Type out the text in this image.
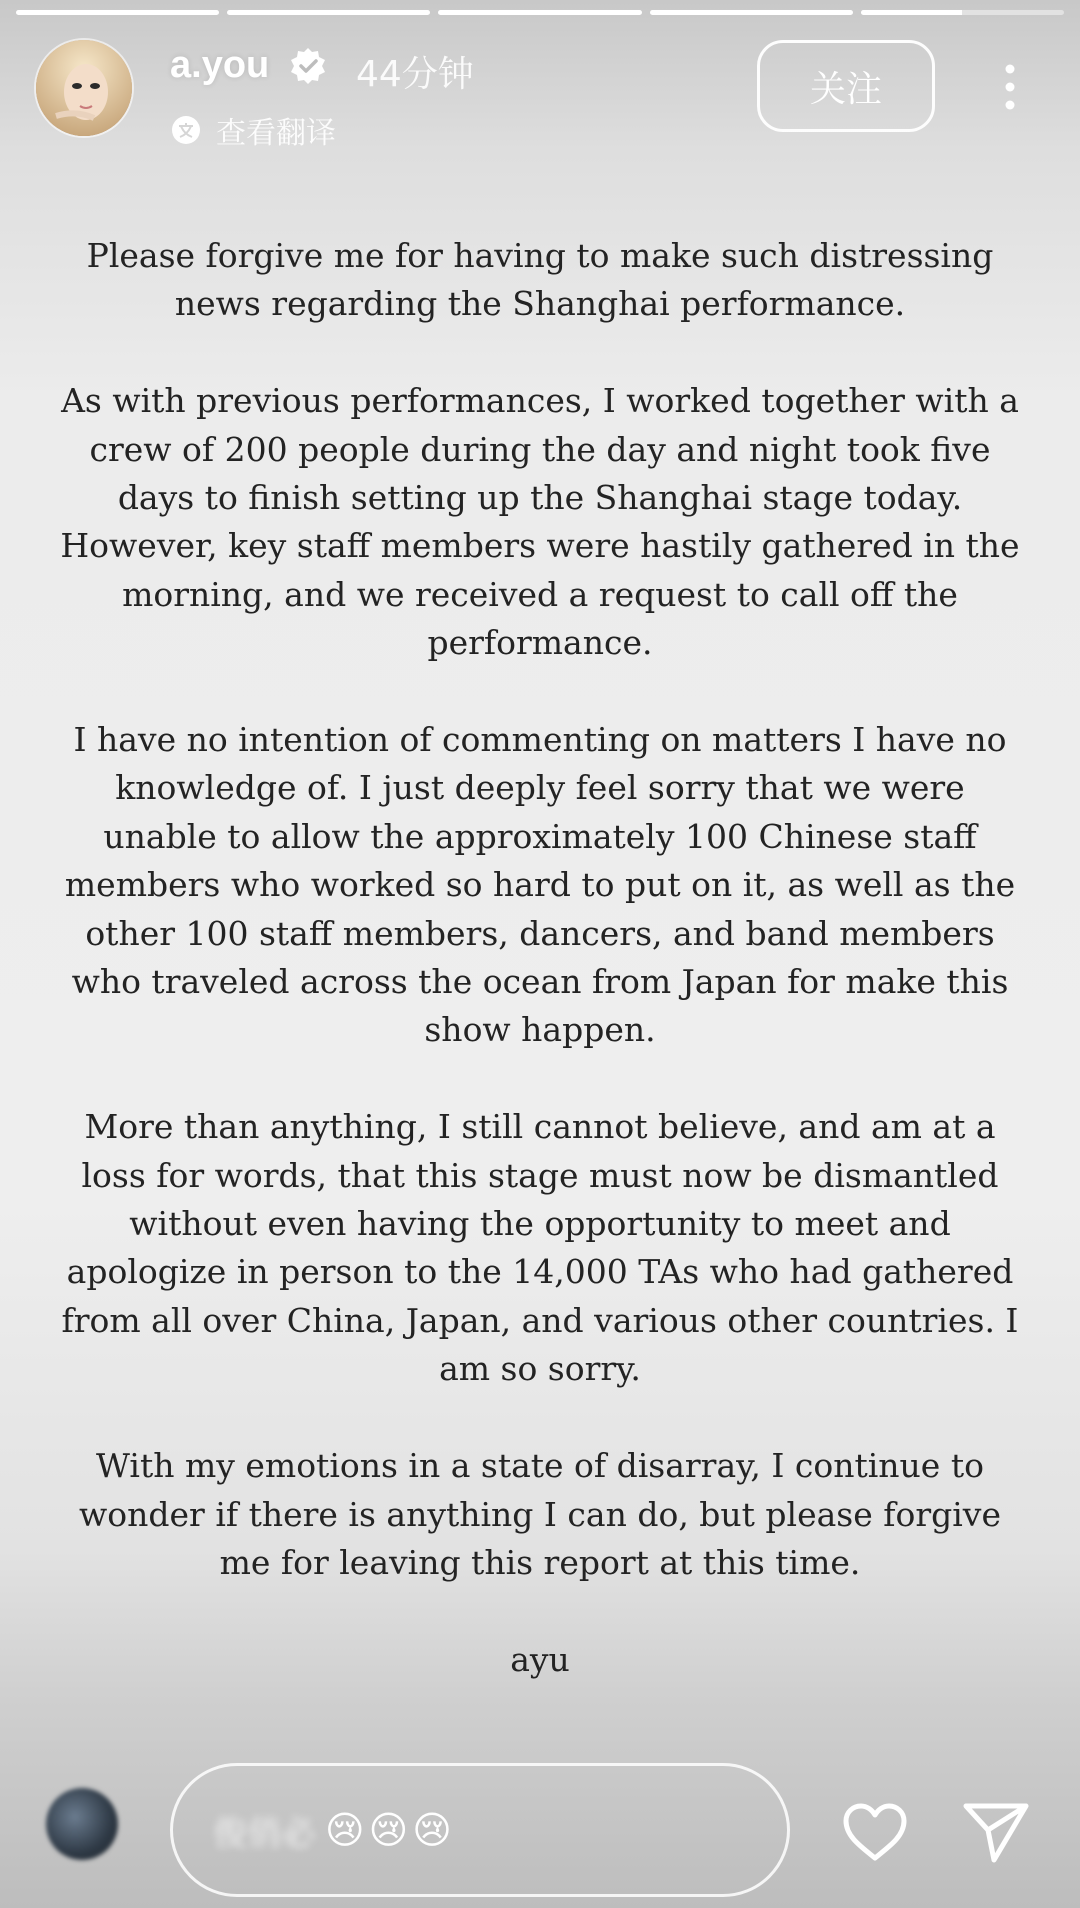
a.you 44分钟
查看翻译
关注

Please forgive me for having to make such distressing news regarding the Shanghai performance.

As with previous performances, I worked together with a crew of 200 people during the day and night took five days to finish setting up the Shanghai stage today. However, key staff members were hastily gathered in the morning, and we received a request to call off the performance.

I have no intention of commenting on matters I have no knowledge of. I just deeply feel sorry that we were unable to allow the approximately 100 Chinese staff members who worked so hard to put on it, as well as the other 100 staff members, dancers, and band members who traveled across the ocean from Japan for make this show happen.

More than anything, I still cannot believe, and am at a loss for words, that this stage must now be dismantled without even having the opportunity to meet and apologize in person to the 14,000 TAs who had gathered from all over China, Japan, and various other countries. I am so sorry.

With my emotions in a state of disarray, I continue to wonder if there is anything I can do, but please forgive me for leaving this report at this time.

ayu

俊俏必 😢 😢 😢
